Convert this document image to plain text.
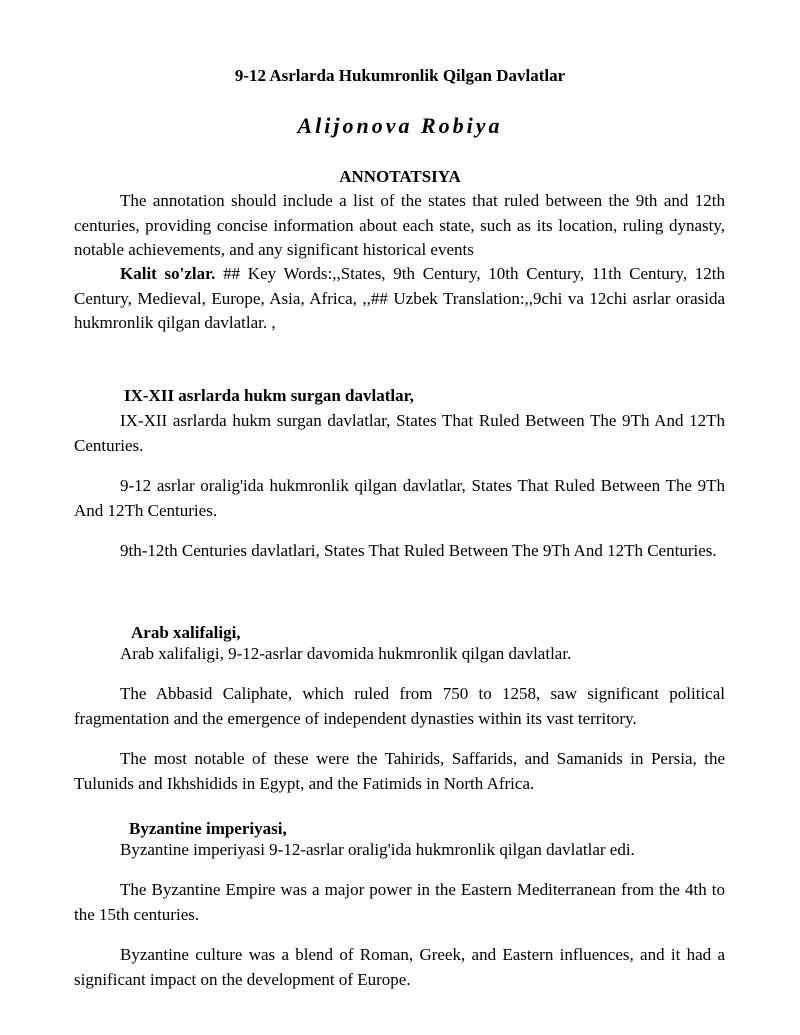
9-12 Asrlarda Hukumronlik Qilgan Davlatlar
Alijonova Robiya
ANNOTATSIYA

The annotation should include a list of the states that ruled between the 9th and 12th centuries, providing concise information about each state, such as its location, ruling dynasty, notable achievements, and any significant historical events

Kalit so'zlar. ## Key Words:,,States, 9th Century, 10th Century, 11th Century, 12th Century, Medieval, Europe, Asia, Africa, ,,## Uzbek Translation:,,9chi va 12chi asrlar orasida hukmronlik qilgan davlatlar. ,

IX-XII asrlarda hukm surgan davlatlar,

IX-XII asrlarda hukm surgan davlatlar, States That Ruled Between The 9Th And 12Th Centuries.

9-12 asrlar oralig'ida hukmronlik qilgan davlatlar, States That Ruled Between The 9Th And 12Th Centuries.

9th-12th Centuries davlatlari, States That Ruled Between The 9Th And 12Th Centuries.

Arab xalifaligi,

Arab xalifaligi, 9-12-asrlar davomida hukmronlik qilgan davlatlar.

The Abbasid Caliphate, which ruled from 750 to 1258, saw significant political fragmentation and the emergence of independent dynasties within its vast territory.

The most notable of these were the Tahirids, Saffarids, and Samanids in Persia, the Tulunids and Ikhshidids in Egypt, and the Fatimids in North Africa.

Byzantine imperiyasi,

Byzantine imperiyasi 9-12-asrlar oralig'ida hukmronlik qilgan davlatlar edi.

The Byzantine Empire was a major power in the Eastern Mediterranean from the 4th to the 15th centuries.

Byzantine culture was a blend of Roman, Greek, and Eastern influences, and it had a significant impact on the development of Europe.
